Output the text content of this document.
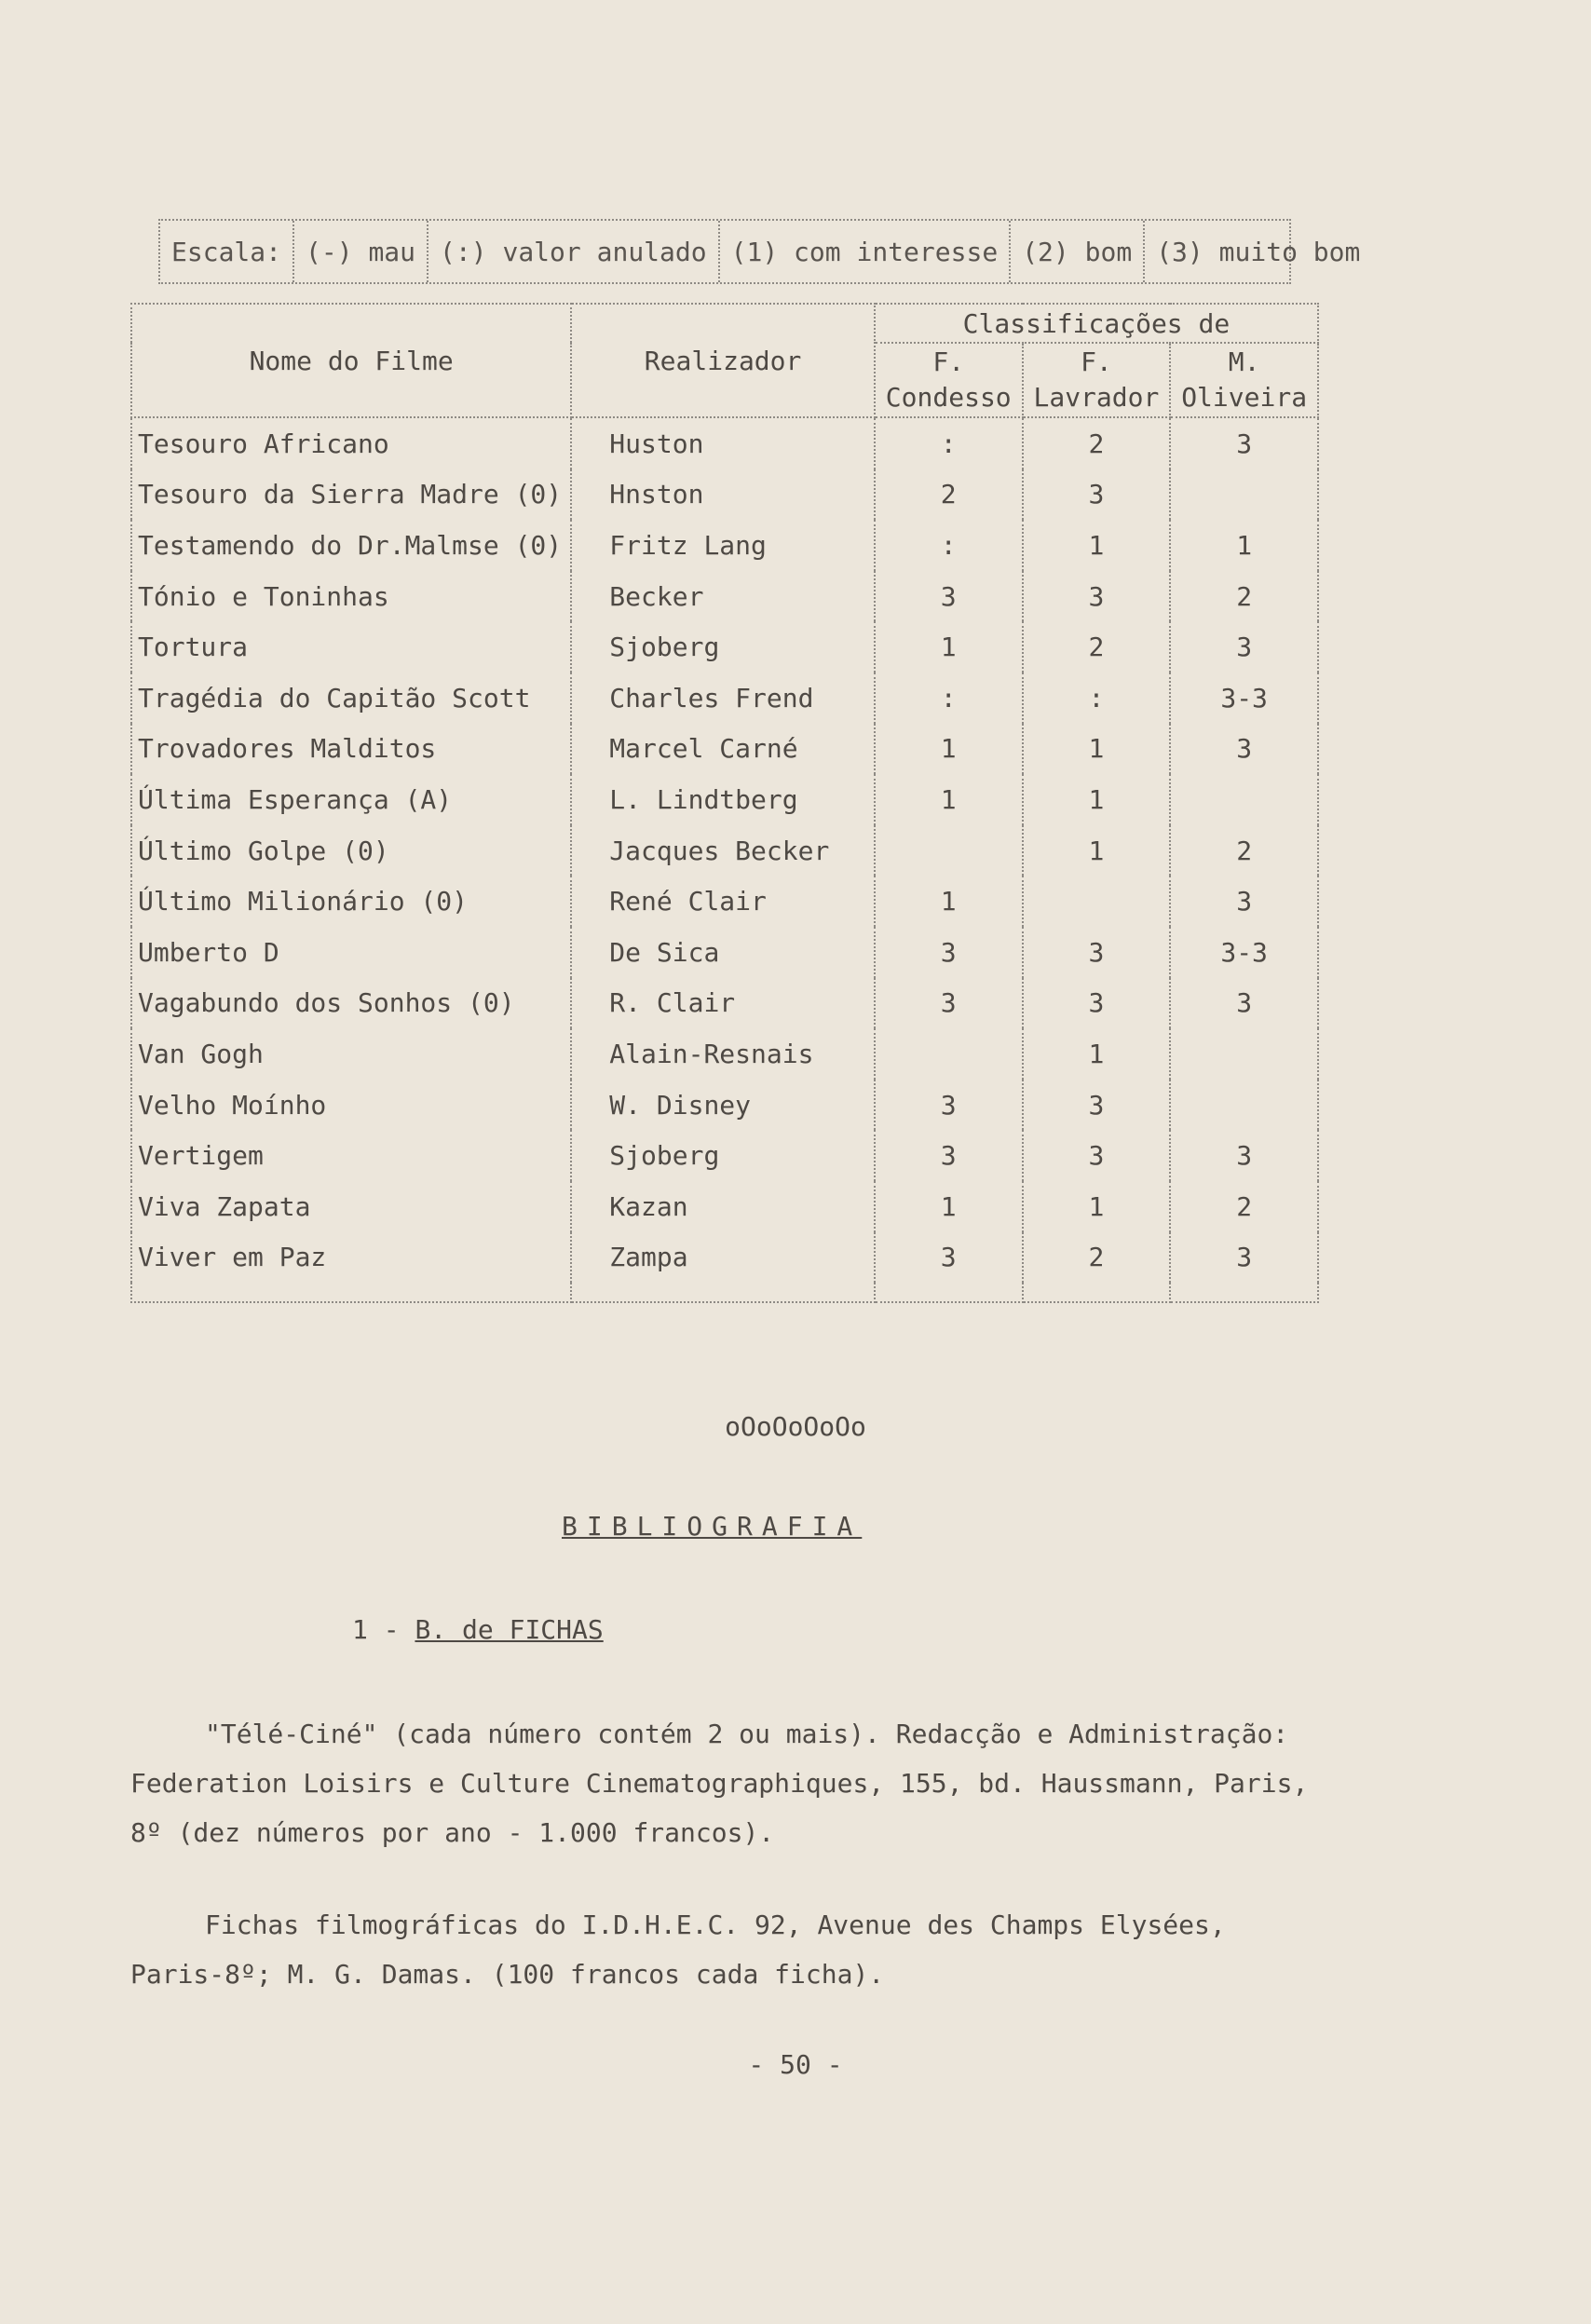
Escala: (-) mau (:) valor anulado (1) com interesse (2) bom (3) muito bom
Nome do Filme	Realizador	Classificações de		
		F. Condesso	F. Lavrador	M. Oliveira
Tesouro Africano	Huston	:	2	3
Tesouro da Sierra Madre (0)	Hnston	2	3	
Testamendo do Dr.Malmse (0)	Fritz Lang	:	1	1
Tónio e Toninhas	Becker	3	3	2
Tortura	Sjoberg	1	2	3
Tragédia do Capitão Scott	Charles Frend	:	:	3-3
Trovadores Malditos	Marcel Carné	1	1	3
Última Esperança (A)	L. Lindtberg	1	1	
Último Golpe (0)	Jacques Becker		1	2
Último Milionário (0)	René Clair	1		3
Umberto D	De Sica	3	3	3-3
Vagabundo dos Sonhos (0)	R. Clair	3	3	3
Van Gogh	Alain-Resnais		1	
Velho Moínho	W. Disney	3	3	
Vertigem	Sjoberg	3	3	3
Viva Zapata	Kazan	1	1	2
Viver em Paz	Zampa	3	2	3

oOoOoOoOo
BIBLIOGRAFIA
1 - B. de FICHAS
"Télé-Ciné" (cada número contém 2 ou mais). Redacção e Administração: Federation Loisirs e Culture Cinematographiques, 155, bd. Haussmann, Paris, 8º (dez números por ano - 1.000 francos).
Fichas filmográficas do I.D.H.E.C. 92, Avenue des Champs Elysées, Paris-8º; M. G. Damas. (100 francos cada ficha).
- 50 -
